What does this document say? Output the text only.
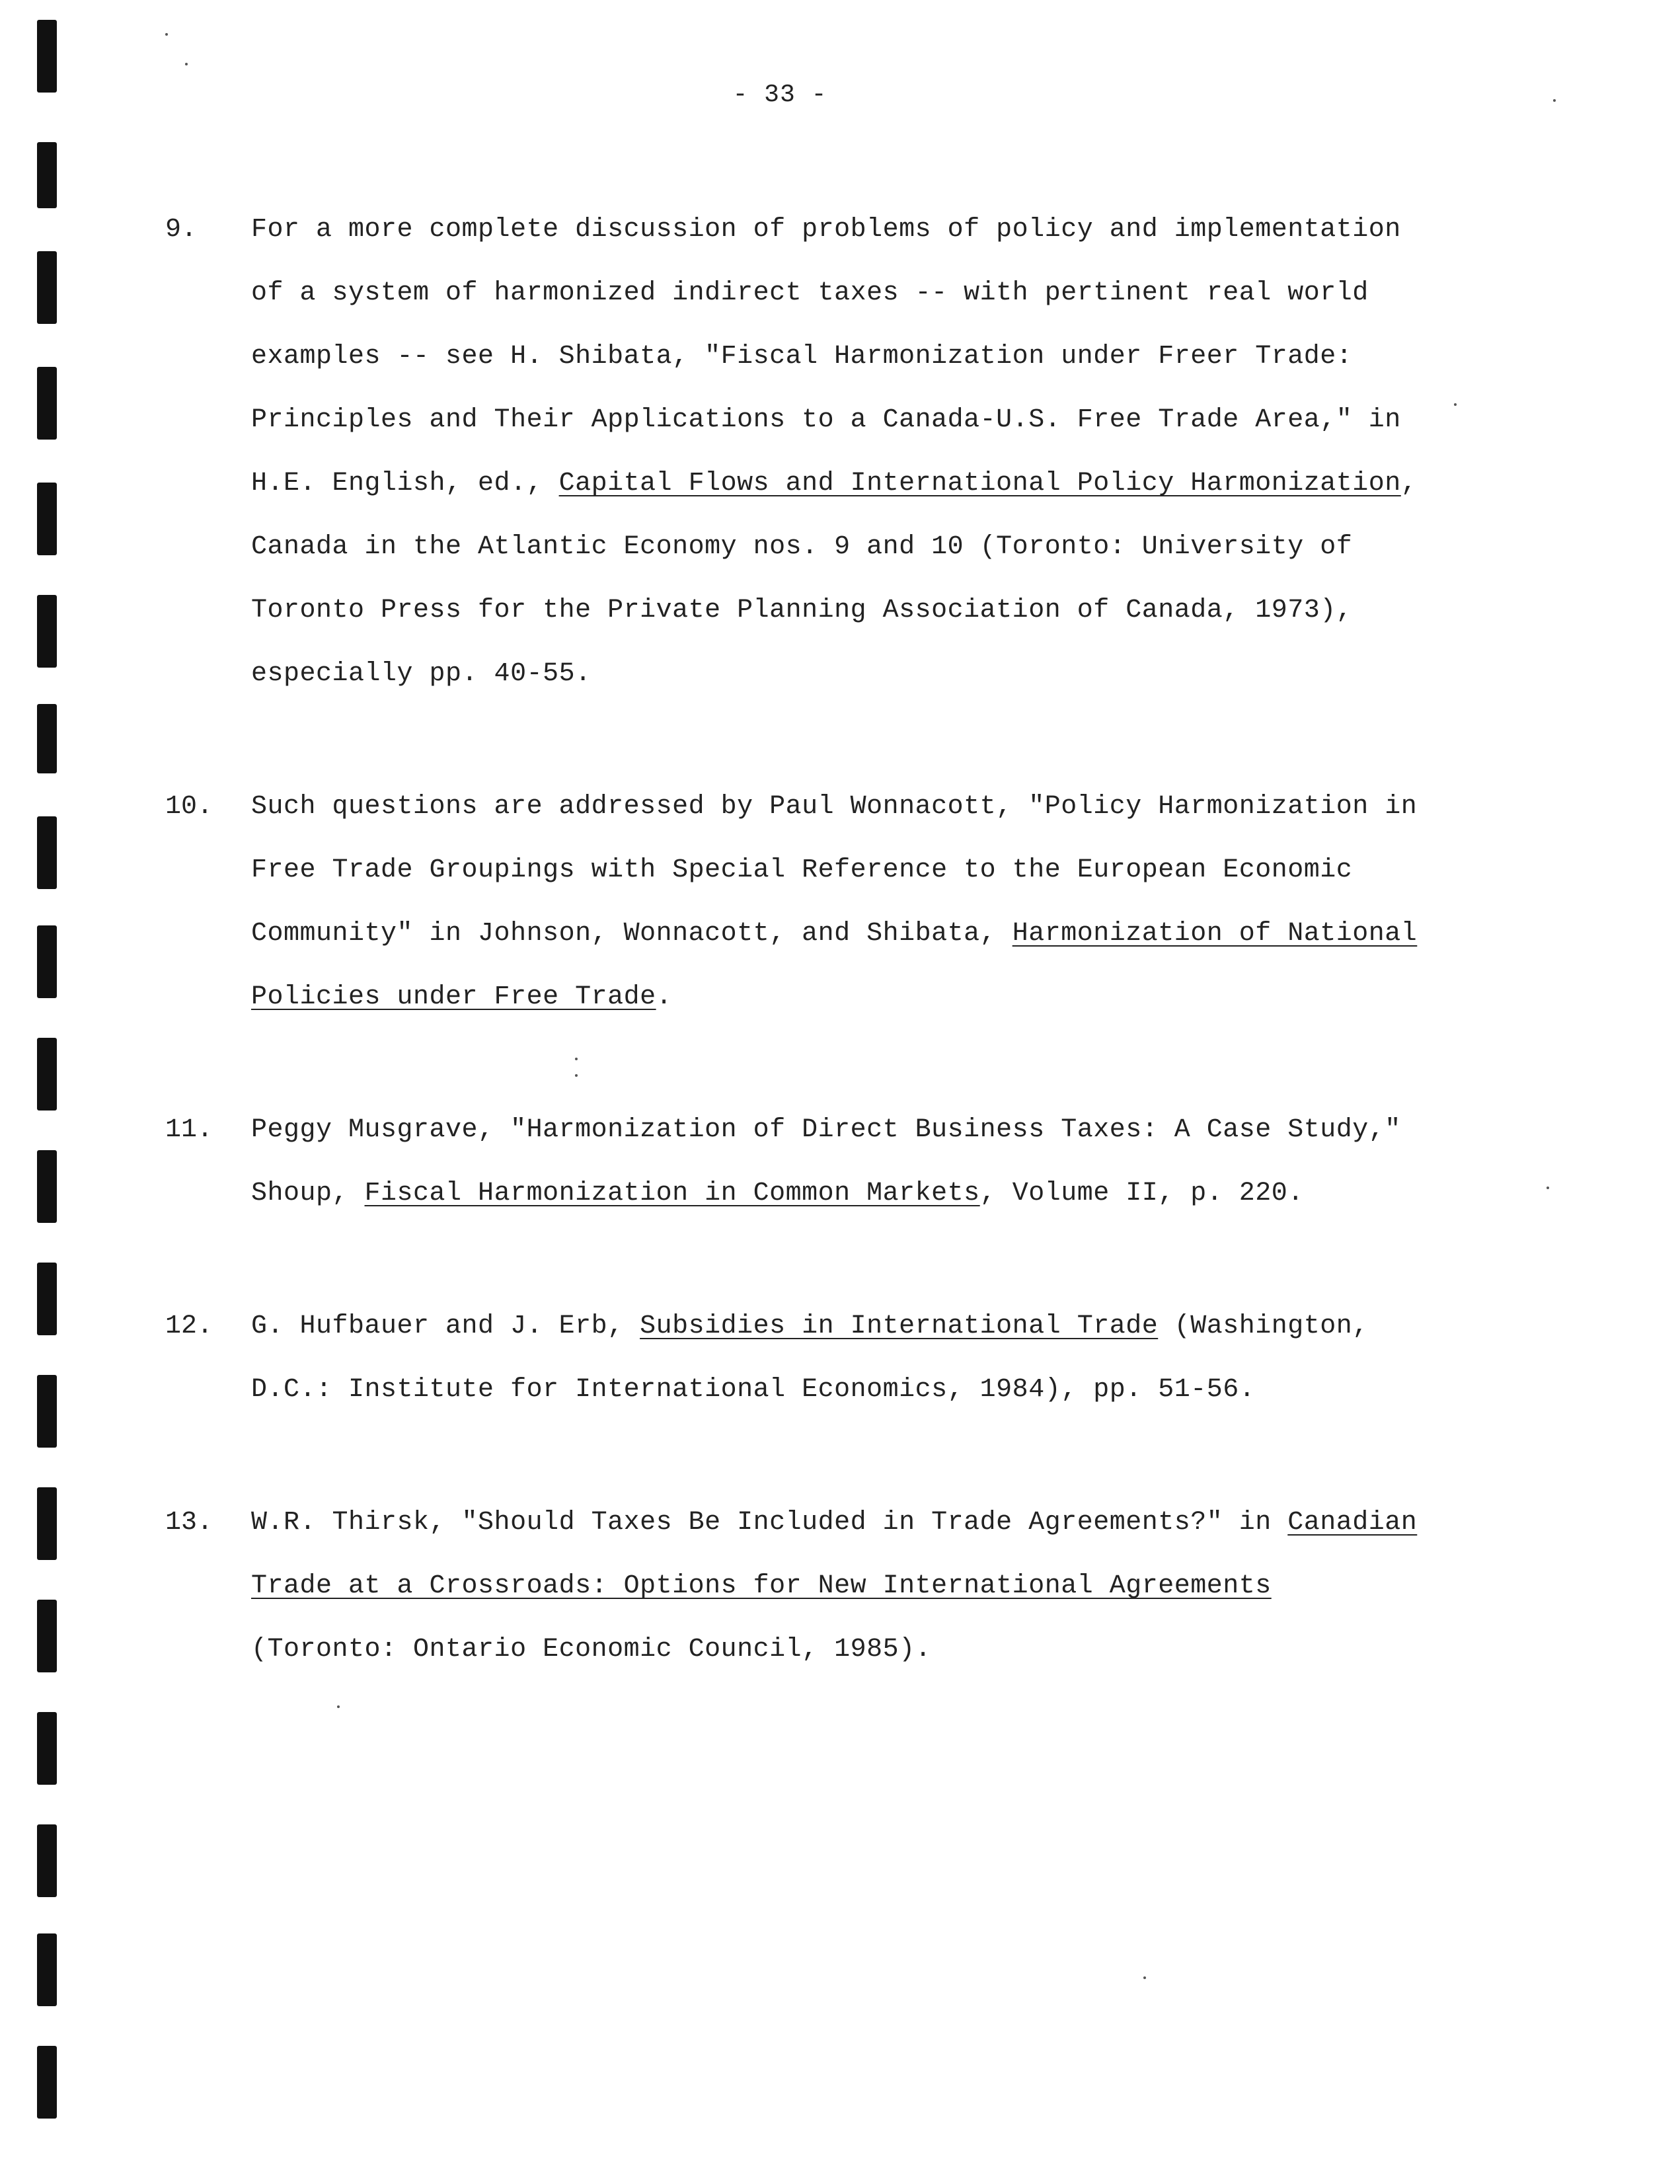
- 33 -
9. For a more complete discussion of problems of policy and implementation
of a system of harmonized indirect taxes -- with pertinent real world
examples -- see H. Shibata, "Fiscal Harmonization under Freer Trade:
Principles and Their Applications to a Canada-U.S. Free Trade Area," in
H.E. English, ed., Capital Flows and International Policy Harmonization,
Canada in the Atlantic Economy nos. 9 and 10 (Toronto: University of
Toronto Press for the Private Planning Association of Canada, 1973),
especially pp. 40-55.
10. Such questions are addressed by Paul Wonnacott, "Policy Harmonization in
Free Trade Groupings with Special Reference to the European Economic
Community" in Johnson, Wonnacott, and Shibata, Harmonization of National
Policies under Free Trade.
11. Peggy Musgrave, "Harmonization of Direct Business Taxes: A Case Study,"
Shoup, Fiscal Harmonization in Common Markets, Volume II, p. 220.
12. G. Hufbauer and J. Erb, Subsidies in International Trade (Washington,
D.C.: Institute for International Economics, 1984), pp. 51-56.
13. W.R. Thirsk, "Should Taxes Be Included in Trade Agreements?" in Canadian
Trade at a Crossroads: Options for New International Agreements
(Toronto: Ontario Economic Council, 1985).
